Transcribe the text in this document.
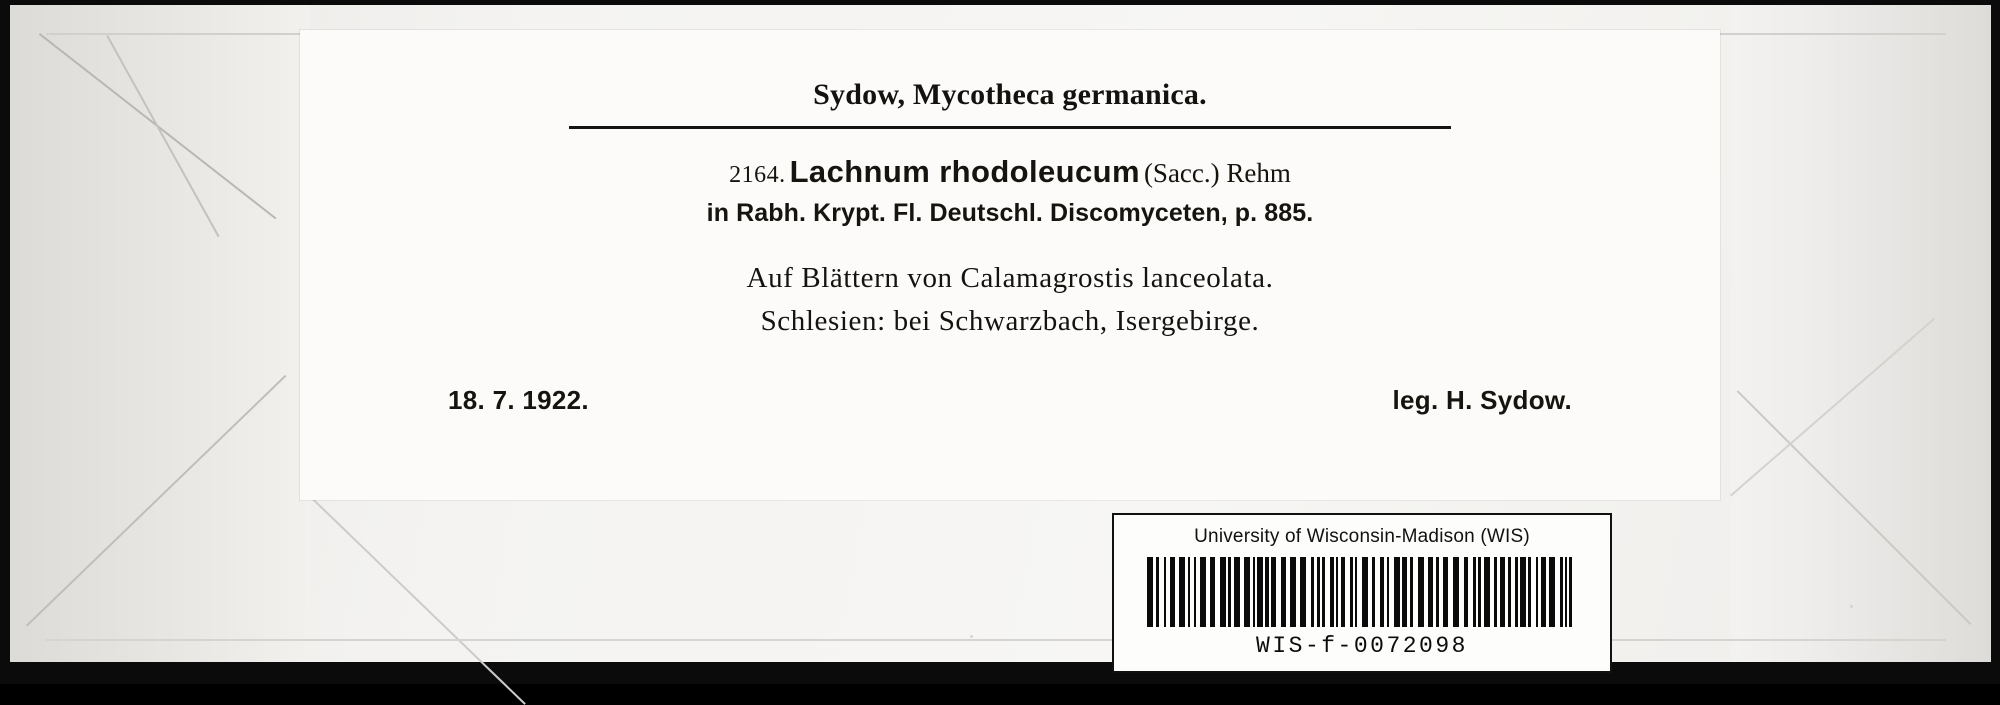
Sydow, Mycotheca germanica.
2164. Lachnum rhodoleucum (Sacc.) Rehm
in Rabh. Krypt. Fl. Deutschl. Discomyceten, p. 885.
Auf Blättern von Calamagrostis lanceolata.
Schlesien: bei Schwarzbach, Isergebirge.
18. 7. 1922.	leg. H. Sydow.
University of Wisconsin-Madison (WIS)
WIS-f-0072098
